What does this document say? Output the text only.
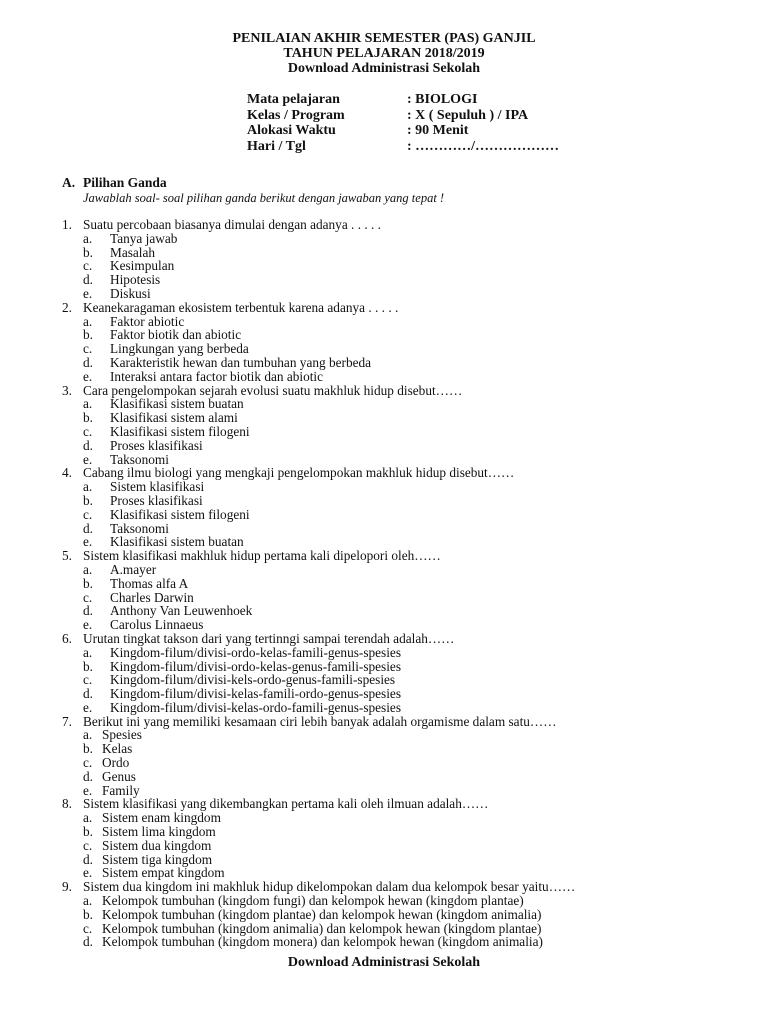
PENILAIAN AKHIR SEMESTER (PAS) GANJIL
TAHUN PELAJARAN 2018/2019
Download Administrasi Sekolah
Mata pelajaran	: BIOLOGI
Kelas / Program	: X ( Sepuluh ) / IPA
Alokasi Waktu	: 90 Menit
Hari / Tgl	: …………/………………
A. Pilihan Ganda
Jawablah soal- soal pilihan ganda berikut dengan jawaban yang tepat !
1. Suatu percobaan biasanya dimulai dengan adanya . . . . .
a. Tanya jawab
b. Masalah
c. Kesimpulan
d. Hipotesis
e. Diskusi
2. Keanekaragaman ekosistem terbentuk karena adanya . . . . .
a. Faktor abiotic
b. Faktor biotik dan abiotic
c. Lingkungan yang berbeda
d. Karakteristik hewan dan tumbuhan yang berbeda
e. Interaksi antara factor biotik dan abiotic
3. Cara pengelompokan sejarah evolusi suatu makhluk hidup disebut……
a. Klasifikasi sistem buatan
b. Klasifikasi sistem alami
c. Klasifikasi sistem filogeni
d. Proses klasifikasi
e. Taksonomi
4. Cabang ilmu biologi yang mengkaji pengelompokan makhluk hidup disebut……
a. Sistem klasifikasi
b. Proses klasifikasi
c. Klasifikasi sistem filogeni
d. Taksonomi
e. Klasifikasi sistem buatan
5. Sistem klasifikasi makhluk hidup pertama kali dipelopori oleh……
a. A.mayer
b. Thomas alfa A
c. Charles Darwin
d. Anthony Van Leuwenhoek
e. Carolus Linnaeus
6. Urutan tingkat takson dari yang tertinngi sampai terendah adalah……
a. Kingdom-filum/divisi-ordo-kelas-famili-genus-spesies
b. Kingdom-filum/divisi-ordo-kelas-genus-famili-spesies
c. Kingdom-filum/divisi-kels-ordo-genus-famili-spesies
d. Kingdom-filum/divisi-kelas-famili-ordo-genus-spesies
e. Kingdom-filum/divisi-kelas-ordo-famili-genus-spesies
7. Berikut ini yang memiliki kesamaan ciri lebih banyak adalah orgamisme dalam satu……
a. Spesies
b. Kelas
c. Ordo
d. Genus
e. Family
8. Sistem klasifikasi yang dikembangkan pertama kali oleh ilmuan adalah……
a. Sistem enam kingdom
b. Sistem lima kingdom
c. Sistem dua kingdom
d. Sistem tiga kingdom
e. Sistem empat kingdom
9. Sistem dua kingdom ini makhluk hidup dikelompokan dalam dua kelompok besar yaitu……
a. Kelompok tumbuhan (kingdom fungi) dan kelompok hewan (kingdom plantae)
b. Kelompok tumbuhan (kingdom plantae) dan kelompok hewan (kingdom animalia)
c. Kelompok tumbuhan (kingdom animalia) dan kelompok hewan (kingdom plantae)
d. Kelompok tumbuhan (kingdom monera) dan kelompok hewan (kingdom animalia)
Download Administrasi Sekolah
